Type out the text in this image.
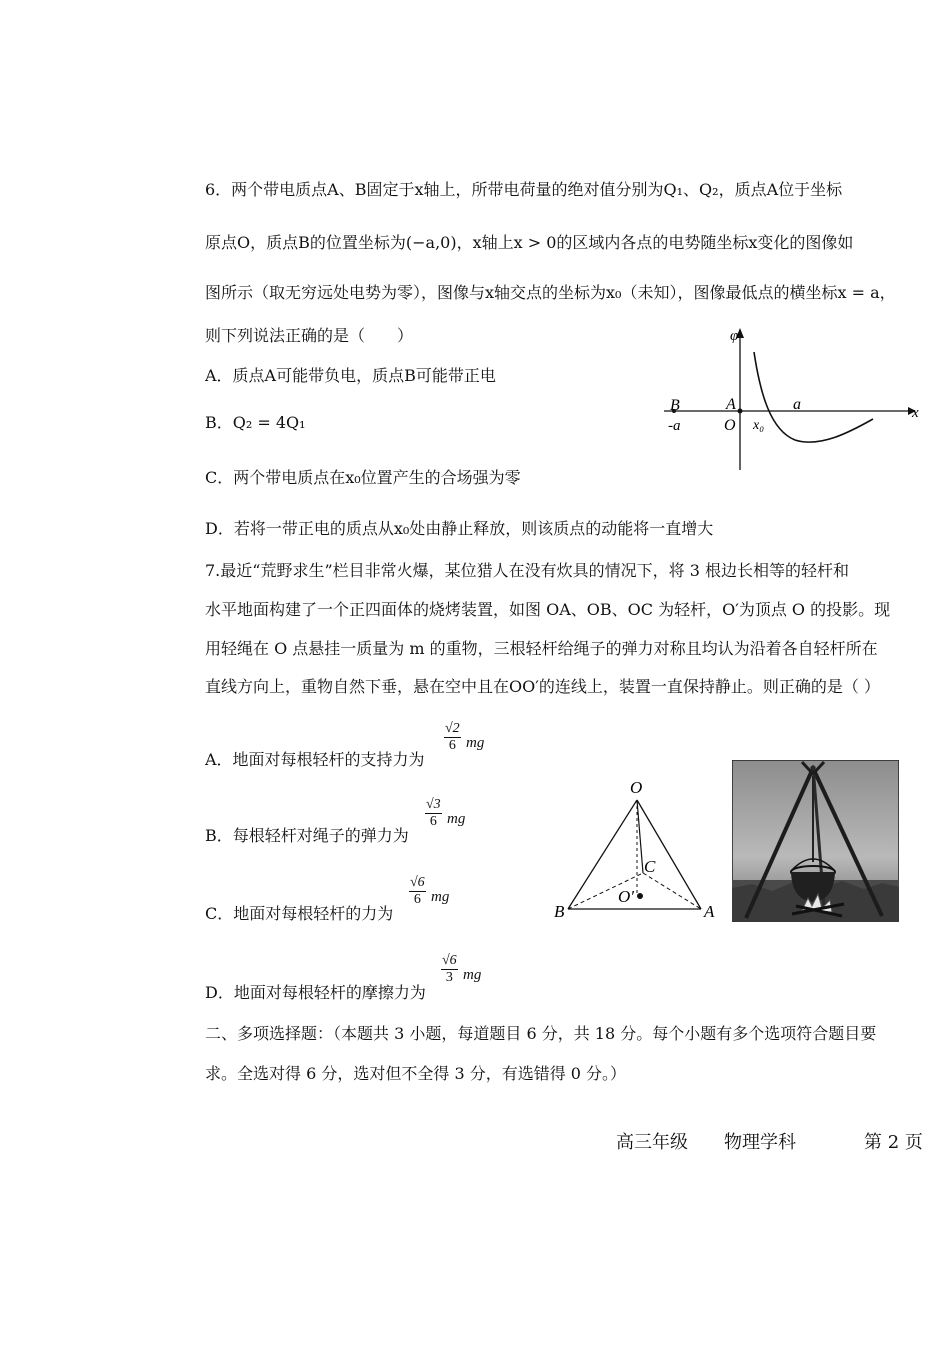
6．两个带电质点A、B固定于x轴上，所带电荷量的绝对值分别为Q₁、Q₂，质点A位于坐标
原点O，质点B的位置坐标为(−a,0)，x轴上x > 0的区域内各点的电势随坐标x变化的图像如
图所示（取无穷远处电势为零），图像与x轴交点的坐标为x₀（未知），图像最低点的横坐标x = a，
则下列说法正确的是（　　）
A．质点A可能带负电，质点B可能带正电
B．Q₂ = 4Q₁
C．两个带电质点在x₀位置产生的合场强为零
D．若将一带正电的质点从x₀处由静止释放，则该质点的动能将一直增大
φ
x
B	A	a
-a	O x₀
7.最近“荒野求生”栏目非常火爆，某位猎人在没有炊具的情况下，将 3 根边长相等的轻杆和
水平地面构建了一个正四面体的烧烤装置，如图 OA、OB、OC 为轻杆，O′为顶点 O 的投影。现
用轻绳在 O 点悬挂一质量为 m 的重物，三根轻杆给绳子的弹力对称且均认为沿着各自轻杆所在
直线方向上，重物自然下垂，悬在空中且在OO′的连线上，装置一直保持静止。则正确的是（ ）
A．地面对每根轻杆的支持力为
$\frac{√2}{6}$ mg
B．每根轻杆对绳子的弹力为
$\frac{√3}{6}$ mg
C．地面对每根轻杆的力为
$\frac{√6}{6}$ mg
D．地面对每根轻杆的摩擦力为
$\frac{√6}{3}$ mg
O
C
O′
B	A
二、多项选择题：（本题共 3 小题，每道题目 6 分，共 18 分。每个小题有多个选项符合题目要
求。全选对得 6 分，选对但不全得 3 分，有选错得 0 分。）
高三年级 物理学科	第 2 页
